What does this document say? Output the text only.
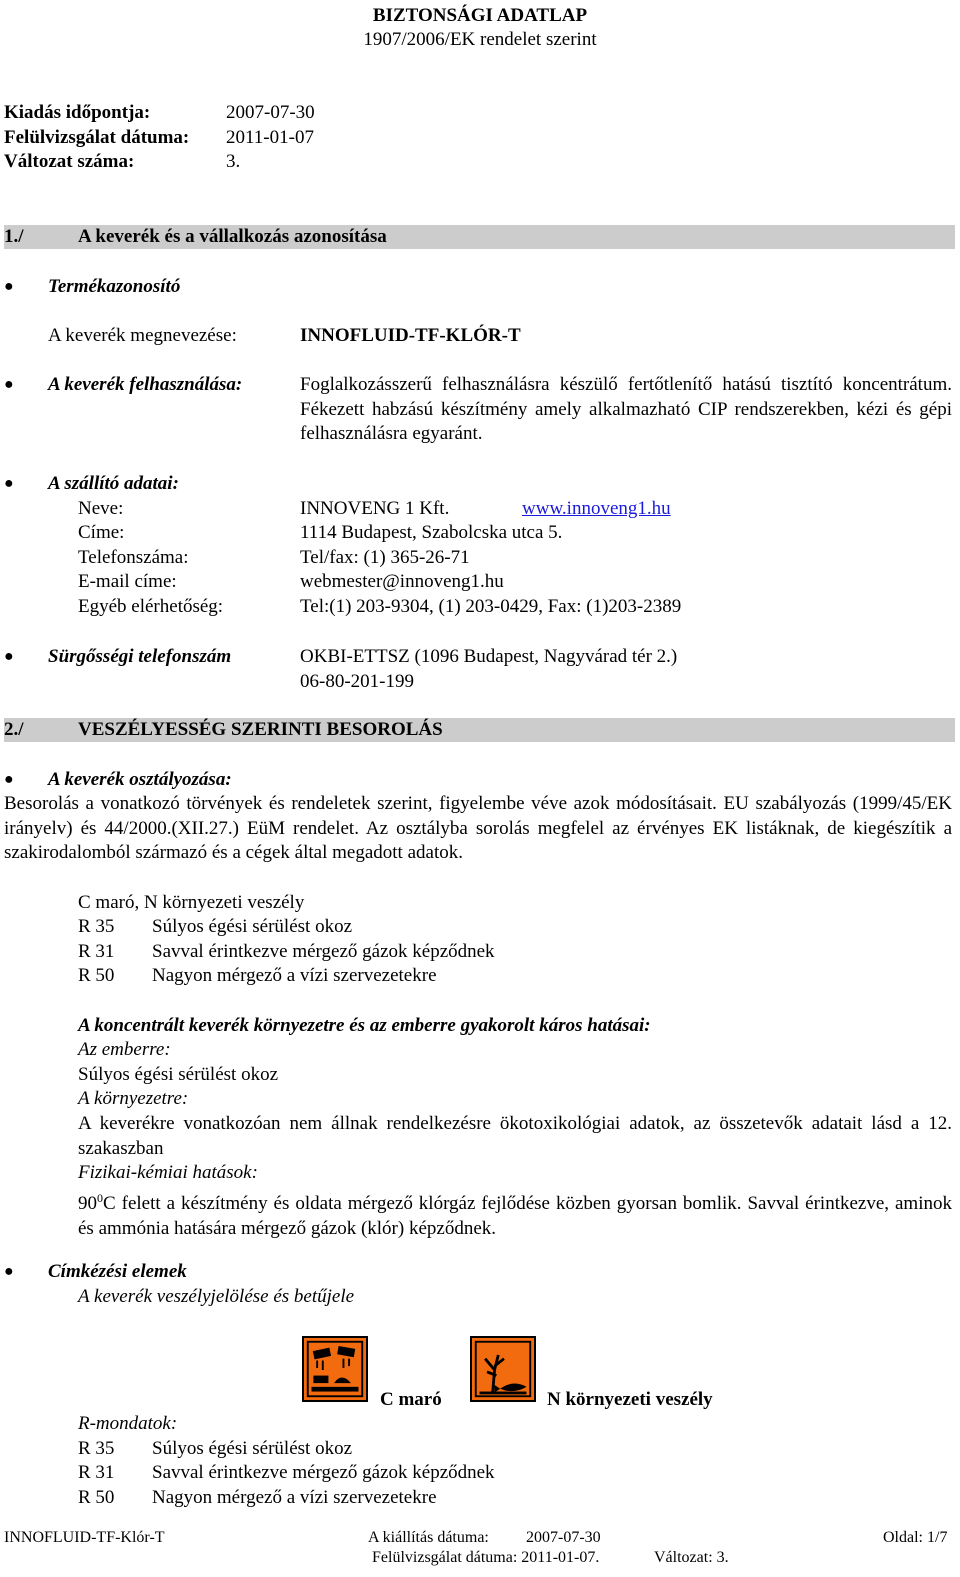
BIZTONSÁGI ADATLAP
1907/2006/EK rendelet szerint
Kiadás időpontja:	2007-07-30
Felülvizsgálat dátuma: 2011-01-07
Változat száma:	3.
1./	A keverék és a vállalkozás azonosítása
● Termékazonosító
A keverék megnevezése:	INNOFLUID-TF-KLÓR-T
● A keverék felhasználása:	Foglalkozásszerű felhasználásra készülő fertőtlenítő hatású tisztító koncentrátum. Fékezett habzású készítmény amely alkalmazható CIP rendszerekben, kézi és gépi felhasználásra egyaránt.
● A szállító adatai:
Neve:	INNOVENG 1 Kft.	www.innoveng1.hu
Címe:	1114 Budapest, Szabolcska utca 5.
Telefonszáma:	Tel/fax: (1) 365-26-71
E-mail címe:	webmester@innoveng1.hu
Egyéb elérhetőség:	Tel:(1) 203-9304, (1) 203-0429, Fax: (1)203-2389
● Sürgősségi telefonszám	OKBI-ETTSZ (1096 Budapest, Nagyvárad tér 2.)
06-80-201-199
2./	VESZÉLYESSÉG SZERINTI BESOROLÁS
● A keverék osztályozása:
Besorolás a vonatkozó törvények és rendeletek szerint, figyelembe véve azok módosításait. EU szabályozás (1999/45/EK irányelv) és 44/2000.(XII.27.) EüM rendelet. Az osztályba sorolás megfelel az érvényes EK listáknak, de kiegészítik a szakirodalomból származó és a cégek által megadott adatok.
C maró, N környezeti veszély
R 35 Súlyos égési sérülést okoz
R 31 Savval érintkezve mérgező gázok képződnek
R 50 Nagyon mérgező a vízi szervezetekre
A koncentrált keverék környezetre és az emberre gyakorolt káros hatásai:
Az emberre:
Súlyos égési sérülést okoz
A környezetre:
A keverékre vonatkozóan nem állnak rendelkezésre ökotoxikológiai adatok, az összetevők adatait lásd a 12. szakaszban
Fizikai-kémiai hatások:
$90^0C$ felett a készítmény és oldata mérgező klórgáz fejlődése közben gyorsan bomlik. Savval érintkezve, aminok és ammónia hatására mérgező gázok (klór) képződnek.
● Címkézési elemek
A keverék veszélyjelölése és betűjele
C maró	N környezeti veszély
R-mondatok:
R 35 Súlyos égési sérülést okoz
R 31 Savval érintkezve mérgező gázok képződnek
R 50 Nagyon mérgező a vízi szervezetekre
INNOFLUID-TF-Klór-T	A kiállítás dátuma: 2007-07-30	Oldal: 1/7
Felülvizsgálat dátuma: 2011-01-07.	Változat: 3.
